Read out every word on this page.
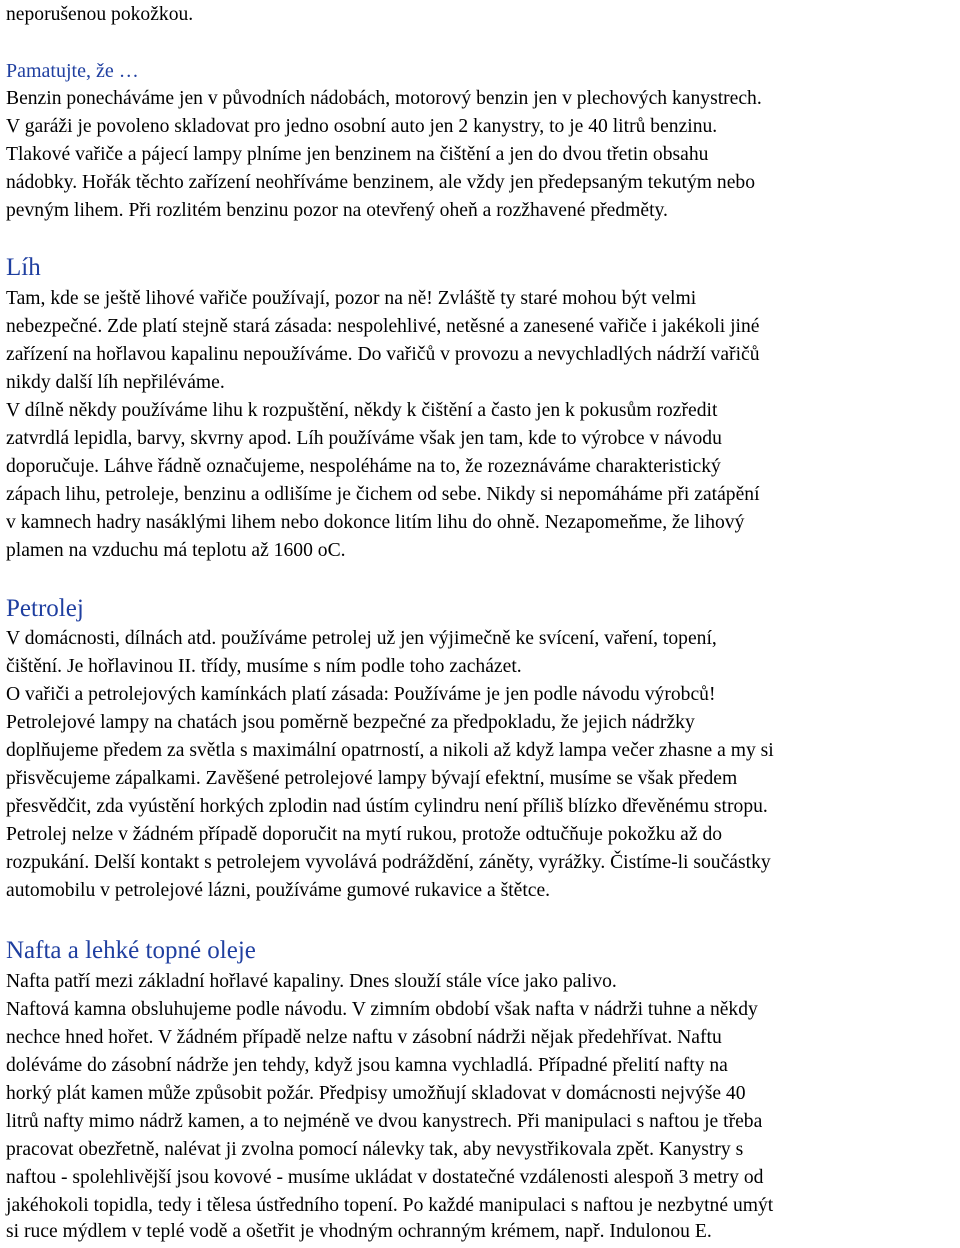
neporušenou pokožkou.
Pamatujte, že …
Benzin ponecháváme jen v původních nádobách, motorový benzin jen v plechových kanystrech.
V garáži je povoleno skladovat pro jedno osobní auto jen 2 kanystry, to je 40 litrů benzinu.
Tlakové vařiče a pájecí lampy plníme jen benzinem na čištění a jen do dvou třetin obsahu
nádobky. Hořák těchto zařízení neohříváme benzinem, ale vždy jen předepsaným tekutým nebo
pevným lihem. Při rozlitém benzinu pozor na otevřený oheň a rozžhavené předměty.
Líh
Tam, kde se ještě lihové vařiče používají, pozor na ně! Zvláště ty staré mohou být velmi
nebezpečné. Zde platí stejně stará zásada: nespolehlivé, netěsné a zanesené vařiče i jakékoli jiné
zařízení na hořlavou kapalinu nepoužíváme. Do vařičů v provozu a nevychladlých nádrží vařičů
nikdy další líh nepřiléváme.
V dílně někdy používáme lihu k rozpuštění, někdy k čištění a často jen k pokusům rozředit
zatvrdlá lepidla, barvy, skvrny apod. Líh používáme však jen tam, kde to výrobce v návodu
doporučuje. Láhve řádně označujeme, nespoléháme na to, že rozeznáváme charakteristický
zápach lihu, petroleje, benzinu a odlišíme je čichem od sebe. Nikdy si nepomáháme při zatápění
v kamnech hadry nasáklými lihem nebo dokonce litím lihu do ohně. Nezapomeňme, že lihový
plamen na vzduchu má teplotu až 1600 oC.
Petrolej
V domácnosti, dílnách atd. používáme petrolej už jen výjimečně ke svícení, vaření, topení,
čištění. Je hořlavinou II. třídy, musíme s ním podle toho zacházet.
O vařiči a petrolejových kamínkách platí zásada: Používáme je jen podle návodu výrobců!
Petrolejové lampy na chatách jsou poměrně bezpečné za předpokladu, že jejich nádržky
doplňujeme předem za světla s maximální opatrností, a nikoli až když lampa večer zhasne a my si
přisvěcujeme zápalkami. Zavěšené petrolejové lampy bývají efektní, musíme se však předem
přesvědčit, zda vyústění horkých zplodin nad ústím cylindru není příliš blízko dřevěnému stropu.
Petrolej nelze v žádném případě doporučit na mytí rukou, protože odtučňuje pokožku až do
rozpukání. Delší kontakt s petrolejem vyvolává podráždění, záněty, vyrážky. Čistíme-li součástky
automobilu v petrolejové lázni, používáme gumové rukavice a štětce.
Nafta a lehké topné oleje
Nafta patří mezi základní hořlavé kapaliny. Dnes slouží stále více jako palivo.
Naftová kamna obsluhujeme podle návodu. V zimním období však nafta v nádrži tuhne a někdy
nechce hned hořet. V žádném případě nelze naftu v zásobní nádrži nějak předehřívat. Naftu
doléváme do zásobní nádrže jen tehdy, když jsou kamna vychladlá. Případné přelití nafty na
horký plát kamen může způsobit požár. Předpisy umožňují skladovat v domácnosti nejvýše 40
litrů nafty mimo nádrž kamen, a to nejméně ve dvou kanystrech. Při manipulaci s naftou je třeba
pracovat obezřetně, nalévat ji zvolna pomocí nálevky tak, aby nevystřikovala zpět. Kanystry s
naftou - spolehlivější jsou kovové - musíme ukládat v dostatečné vzdálenosti alespoň 3 metry od
jakéhokoli topidla, tedy i tělesa ústředního topení. Po každé manipulaci s naftou je nezbytné umýt
si ruce mýdlem v teplé vodě a ošetřit je vhodným ochranným krémem, např. Indulonou E.
